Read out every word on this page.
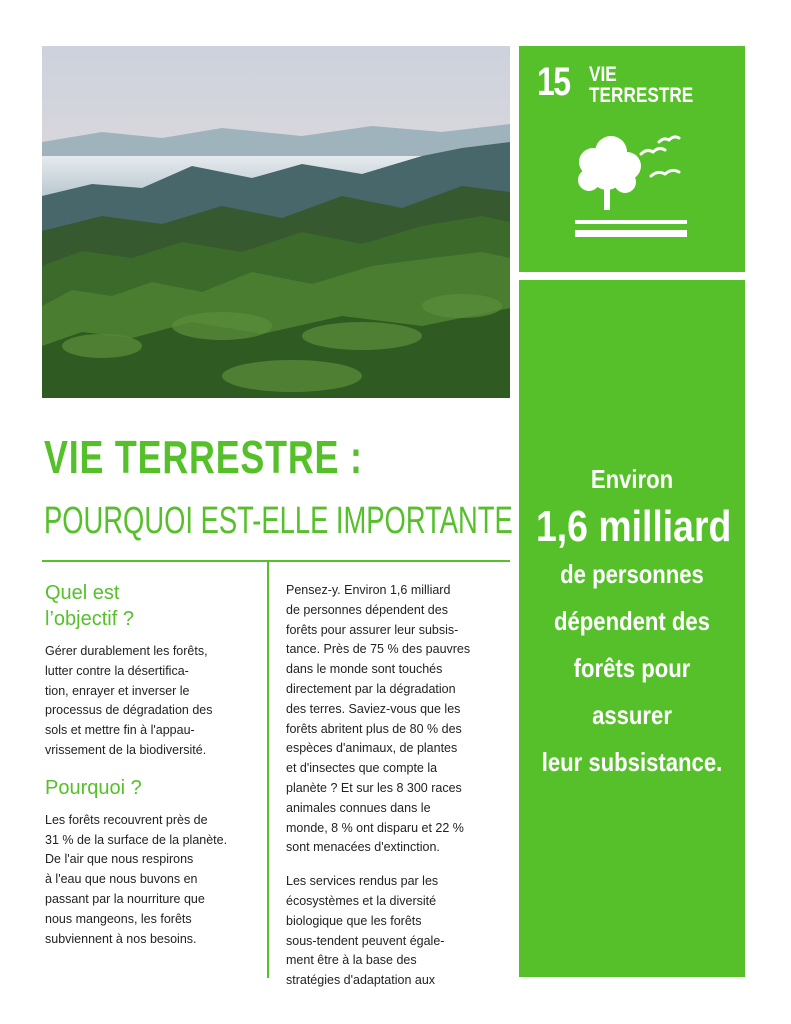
15 VIE
TERRESTRE
Environ
1,6 milliard
de personnes
dépendent des
forêts pour
assurer
leur subsistance.
VIE TERRESTRE :
POURQUOI EST-ELLE IMPORTANTE ?
Quel est
l’objectif ?

Gérer durablement les forêts,
lutter contre la désertifica-
tion, enrayer et inverser le
processus de dégradation des
sols et mettre fin à l'appau-
vrissement de la biodiversité.

Pourquoi ?

Les forêts recouvrent près de
31 % de la surface de la planète.
De l'air que nous respirons
à l'eau que nous buvons en
passant par la nourriture que
nous mangeons, les forêts
subviennent à nos besoins.

Pensez-y. Environ 1,6 milliard
de personnes dépendent des
forêts pour assurer leur subsis-
tance. Près de 75 % des pauvres
dans le monde sont touchés
directement par la dégradation
des terres. Saviez-vous que les
forêts abritent plus de 80 % des
espèces d'animaux, de plantes
et d'insectes que compte la
planète ? Et sur les 8 300 races
animales connues dans le
monde, 8 % ont disparu et 22 %
sont menacées d'extinction.

Les services rendus par les
écosystèmes et la diversité
biologique que les forêts
sous-tendent peuvent égale-
ment être à la base des
stratégies d'adaptation aux
